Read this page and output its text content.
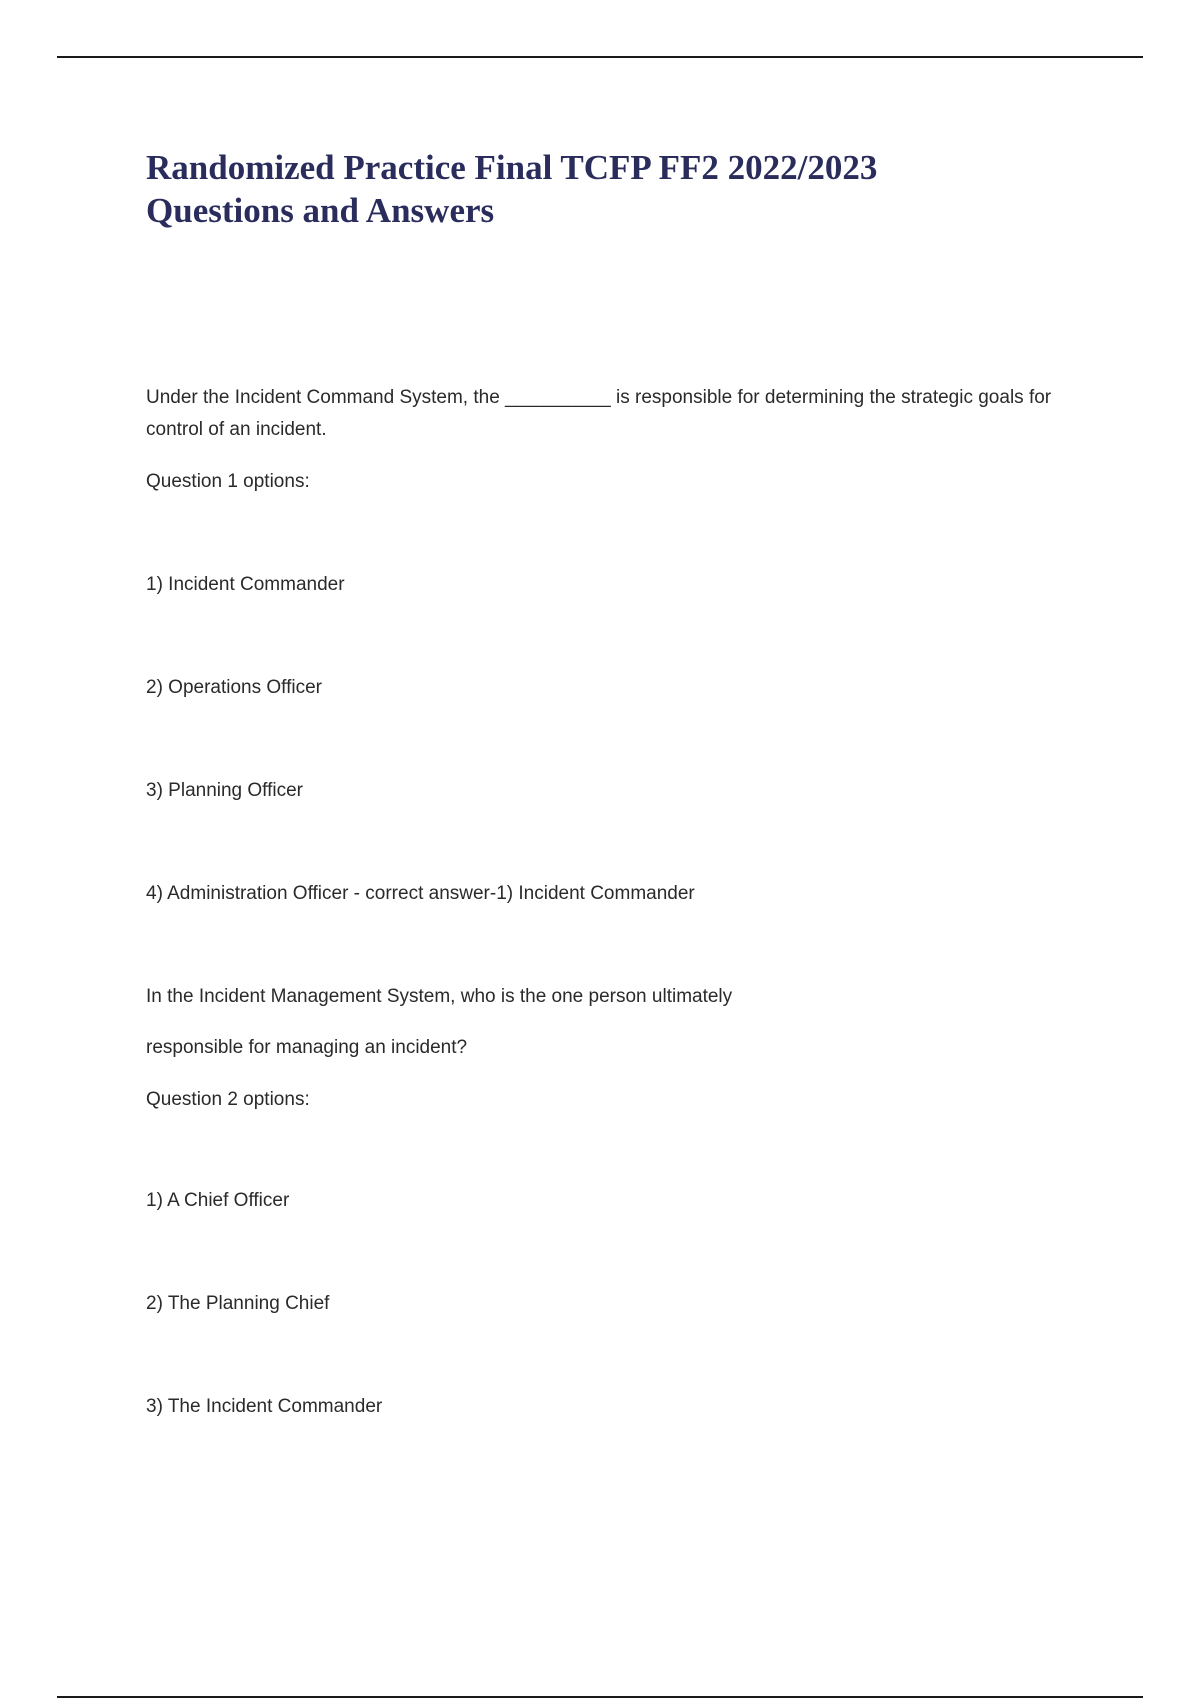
Randomized Practice Final TCFP FF2 2022/2023
Questions and Answers
Under the Incident Command System, the __________ is responsible for determining the strategic goals for control of an incident.
Question 1 options:
1) Incident Commander
2) Operations Officer
3) Planning Officer
4) Administration Officer - correct answer-1) Incident Commander
In the Incident Management System, who is the one person ultimately
responsible for managing an incident?
Question 2 options:
1) A Chief Officer
2) The Planning Chief
3) The Incident Commander
